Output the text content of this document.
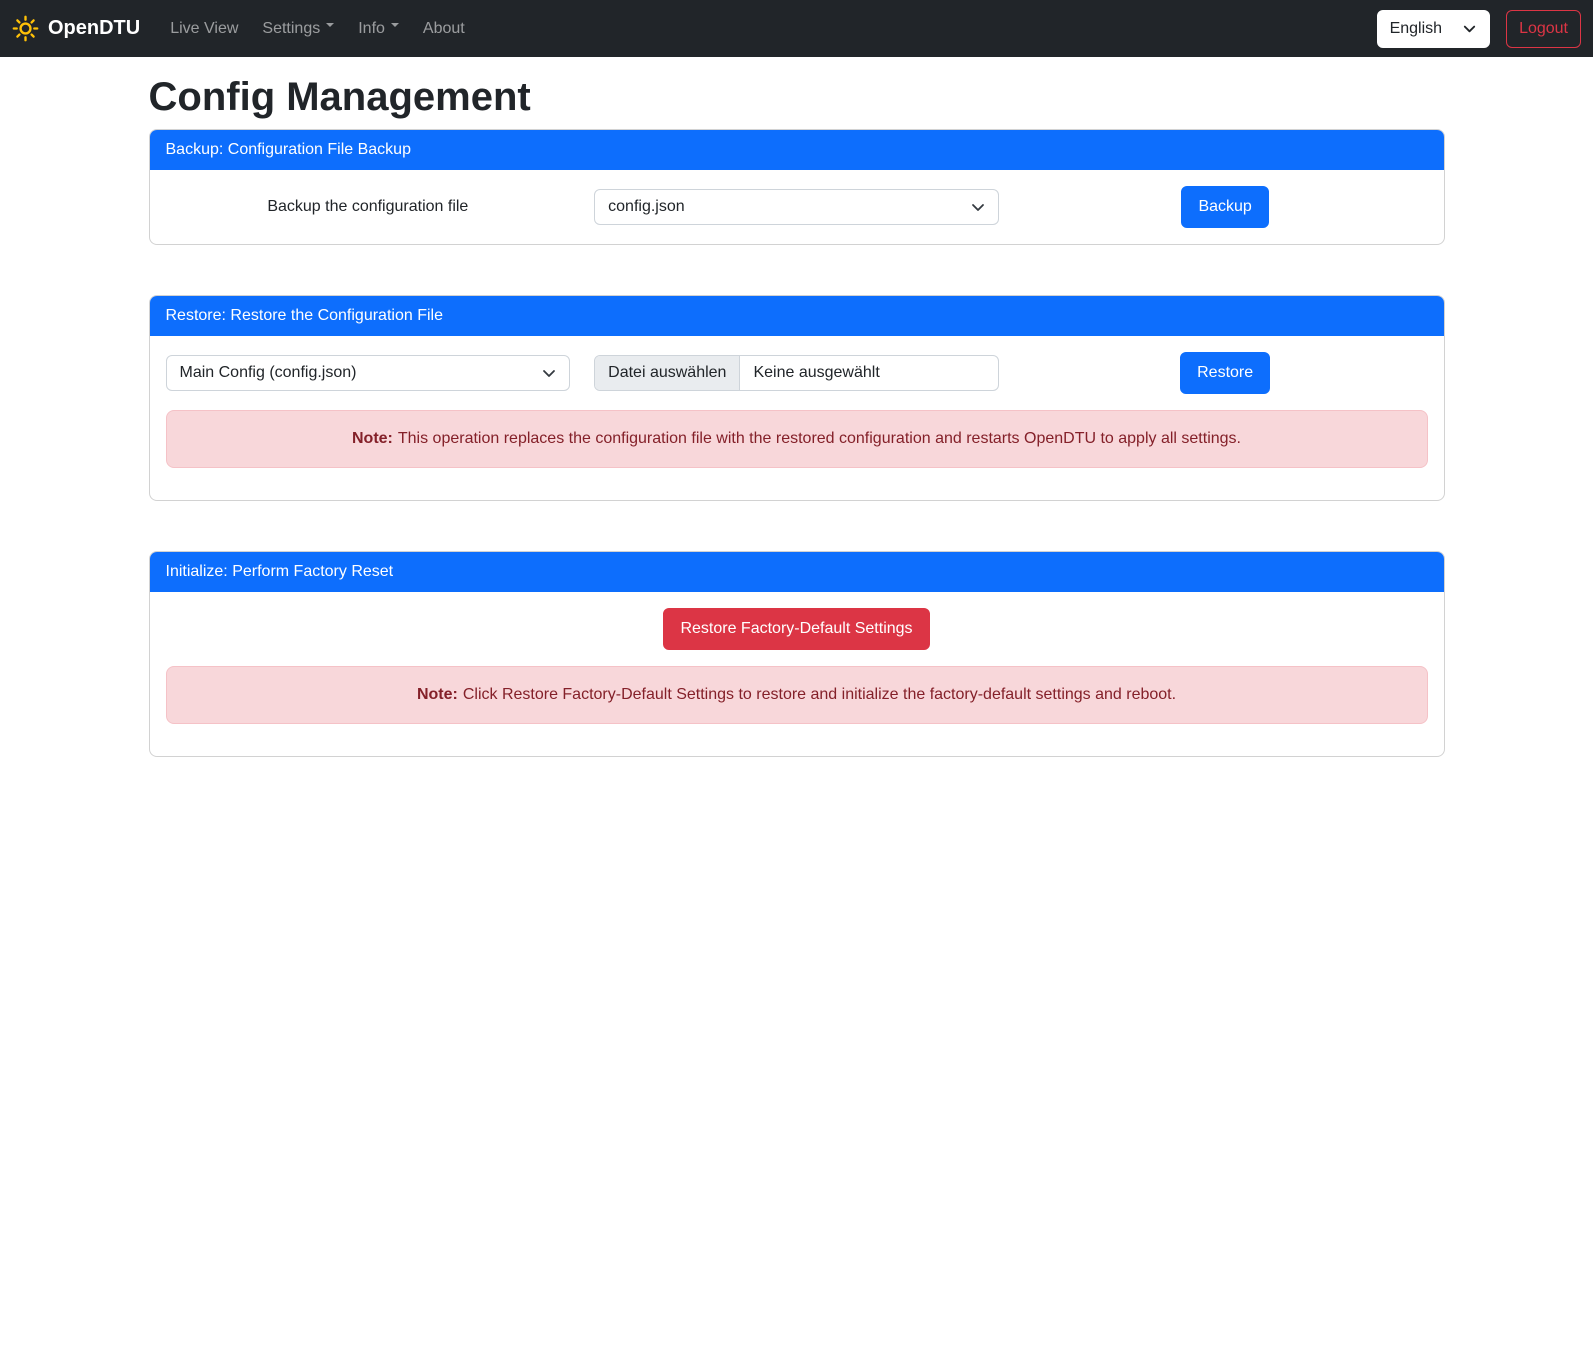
OpenDTU	Live View	Settings	Info	About	English	Logout
Config Management
Backup: Configuration File Backup
Backup the configuration file	config.json	Backup
Restore: Restore the Configuration File
Main Config (config.json)	Datei auswählen	Keine ausgewählt	Restore
Note: This operation replaces the configuration file with the restored configuration and restarts OpenDTU to apply all settings.
Initialize: Perform Factory Reset
Restore Factory-Default Settings
Note: Click Restore Factory-Default Settings to restore and initialize the factory-default settings and reboot.
